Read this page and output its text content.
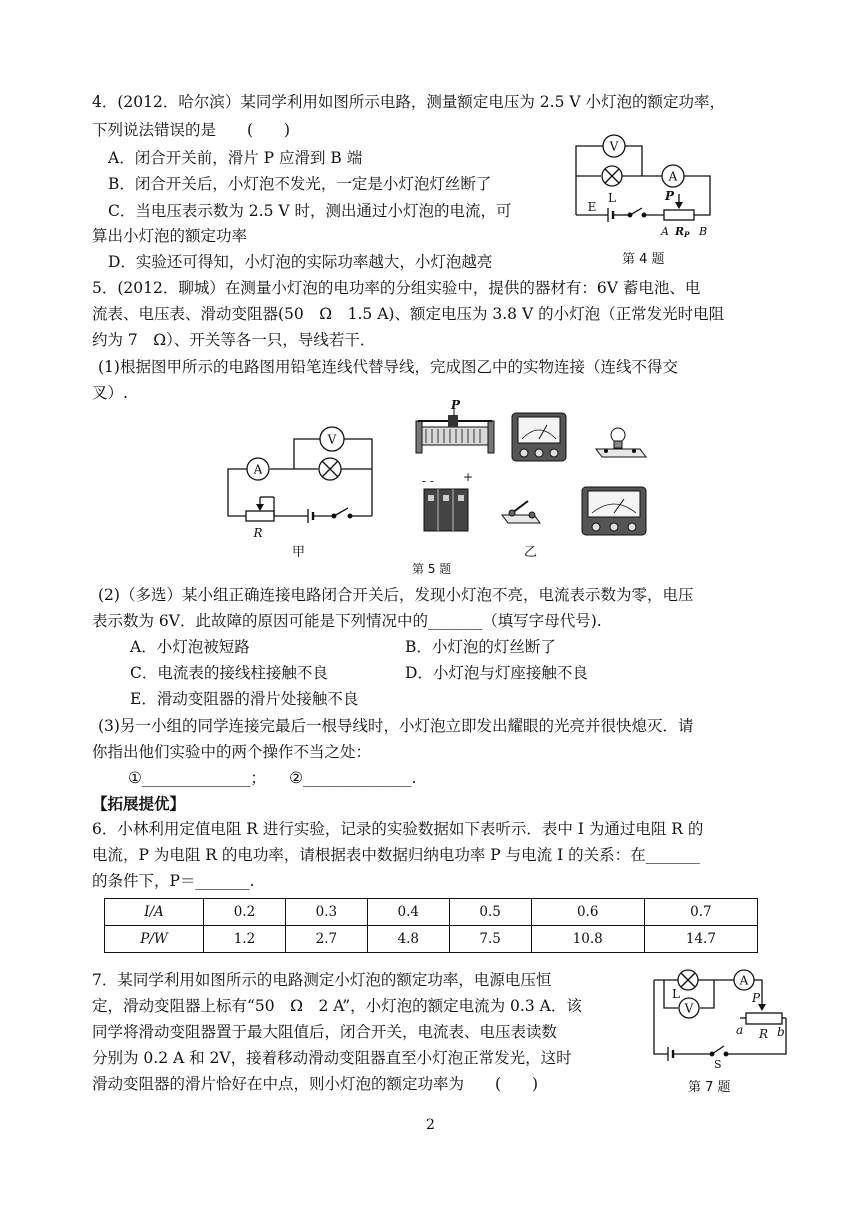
4．(2012．哈尔滨）某同学利用如图所示电路，测量额定电压为 2.5 V 小灯泡的额定功率，
下列说法错误的是　　(　　)
A．闭合开关前，滑片 P 应滑到 B 端
B．闭合开关后，小灯泡不发光，一定是小灯泡灯丝断了
C．当电压表示数为 2.5 V 时，测出通过小灯泡的电流，可
算出小灯泡的额定功率
D．实验还可得知，小灯泡的实际功率越大，小灯泡越亮
V
A
L
E
P
A RP B
第 4 题
5．(2012．聊城）在测量小灯泡的电功率的分组实验中，提供的器材有：6V 蓄电池、电
流表、电压表、滑动变阻器(50　Ω　1.5 A)、额定电压为 3.8 V 的小灯泡（正常发光时电阻
约为 7　Ω）、开关等各一只，导线若干．
(1)根据图甲所示的电路图用铅笔连线代替导线，完成图乙中的实物连接（连线不得交
叉）.
V
A
R
甲
P
- - +
乙
第 5 题
(2)（多选）某小组正确连接电路闭合开关后，发现小灯泡不亮，电流表示数为零，电压
表示数为 6V．此故障的原因可能是下列情况中的_______（填写字母代号).
A．小灯泡被短路	B．小灯泡的灯丝断了
C．电流表的接线柱接触不良	D．小灯泡与灯座接触不良
E．滑动变阻器的滑片处接触不良
(3)另一小组的同学连接完最后一根导线时，小灯泡立即发出耀眼的光亮并很快熄灭．请
你指出他们实验中的两个操作不当之处：
①______________；　　②______________.
【拓展提优】
6．小林利用定值电阻 R 进行实验，记录的实验数据如下表听示．表中 I 为通过电阻 R 的
电流，P 为电阻 R 的电功率，请根据表中数据归纳电功率 P 与电流 I 的关系：在_______
的条件下，P＝_______.
I/A	0.2	0.3	0.4	0.5	0.6	0.7
P/W	1.2	2.7	4.8	7.5	10.8	14.7
7．某同学利用如图所示的电路测定小灯泡的额定功率，电源电压恒
定，滑动变阻器上标有“50　Ω　2 A”，小灯泡的额定电流为 0.3 A．该
同学将滑动变阻器置于最大阻值后，闭合开关，电流表、电压表读数
分别为 0.2 A 和 2V，接着移动滑动变阻器直至小灯泡正常发光，这时
滑动变阻器的滑片恰好在中点，则小灯泡的额定功率为　　(　　)
L
A
V
P
a R b
S
第 7 题
2
